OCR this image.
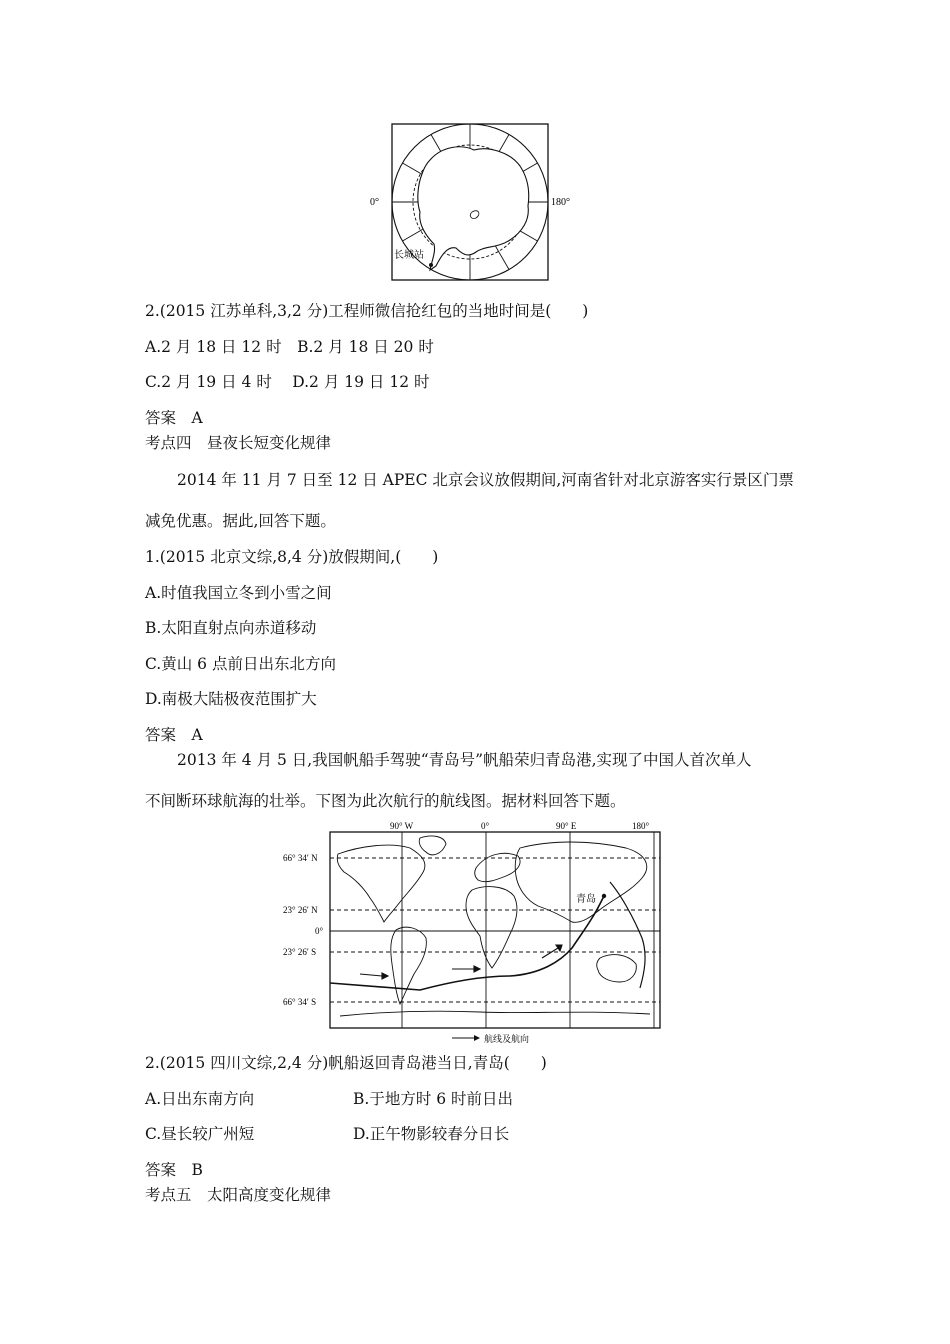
0°	180°
长城站
2.(2015 江苏单科,3,2 分)工程师微信抢红包的当地时间是(　　)
A.2 月 18 日 12 时　B.2 月 18 日 20 时
C.2 月 19 日 4 时　 D.2 月 19 日 12 时
答案　A
考点四　昼夜长短变化规律
2014 年 11 月 7 日至 12 日 APEC 北京会议放假期间,河南省针对北京游客实行景区门票
减免优惠。据此,回答下题。
1.(2015 北京文综,8,4 分)放假期间,(　　)
A.时值我国立冬到小雪之间
B.太阳直射点向赤道移动
C.黄山 6 点前日出东北方向
D.南极大陆极夜范围扩大
答案　A
2013 年 4 月 5 日,我国帆船手驾驶“青岛号”帆船荣归青岛港,实现了中国人首次单人
不间断环球航海的壮举。下图为此次航行的航线图。据材料回答下题。
90° W	0°	90° E	180°
66° 34′ N
23° 26′ N
0°
23° 26′ S
66° 34′ S
青岛
航线及航向
2.(2015 四川文综,2,4 分)帆船返回青岛港当日,青岛(　　)
A.日出东南方向	B.于地方时 6 时前日出
C.昼长较广州短	D.正午物影较春分日长
答案　B
考点五　太阳高度变化规律
